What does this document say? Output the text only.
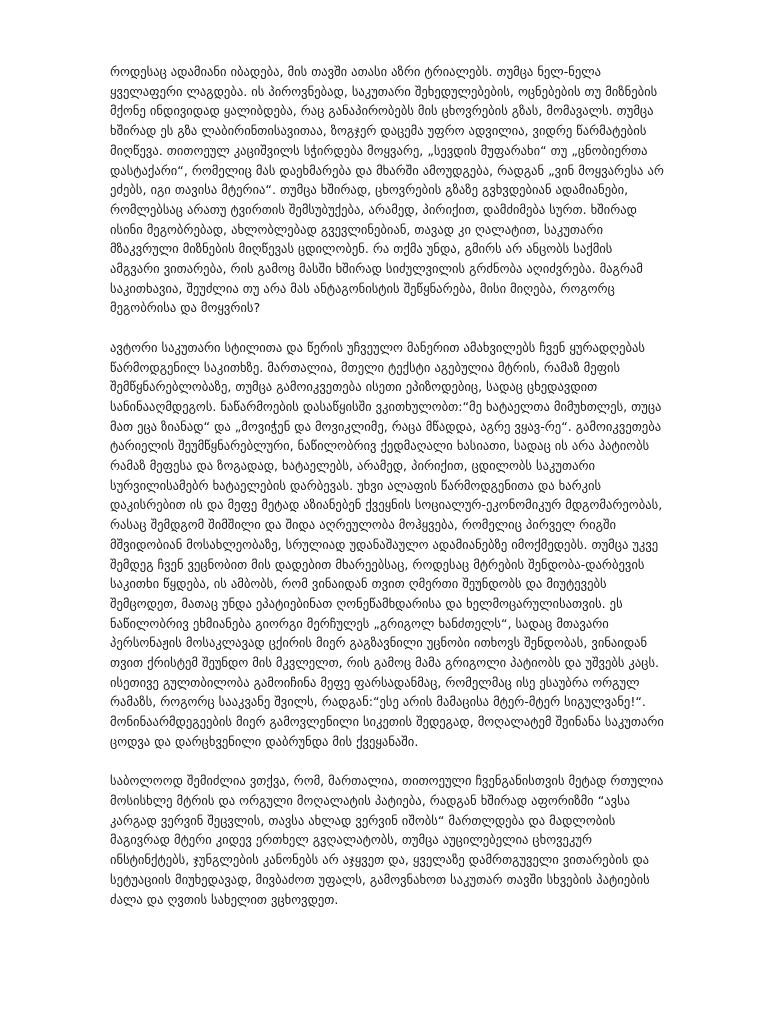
როდესაც ადამიანი იბადება, მის თავში ათასი აზრი ტრიალებს. თუმცა ნელ-ნელა ყველაფერი ლაგდება. ის პიროვნებად, საკუთარი შეხედულებების, ოცნებების თუ მიზნების მქონე ინდივიდად ყალიბდება, რაც განაპირობებს მის ცხოვრების გზას, მომავალს. თუმცა ხშირად ეს გზა ლაბირინთისავითაა, ზოგჯერ დაცემა უფრო ადვილია, ვიდრე წარმატების მიღწევა. თითოეულ კაციშვილს სჭირდება მოყვარე, „სევდის მუფარახი“ თუ „ცნობიერთა დასტაქარი“, რომელიც მას დაეხმარება და მხარში ამოუდგება, რადგან „ვინ მოყვარესა არ ეძებს, იგი თავისა მტერია“. თუმცა ხშირად, ცხოვრების გზაზე გვხვდებიან ადამიანები, რომლებსაც არათუ ტვირთის შემსუბუქება, არამედ, პირიქით, დამძიმება სურთ. ხშირად ისინი მეგობრებად, ახლობლებად გვევლინებიან, თავად კი ღალატით, საკუთარი მზაკვრული მიზნების მიღწევას ცდილობენ. რა თქმა უნდა, გმირს არ ანცობს საქმის ამგვარი ვითარება, რის გამოც მასში ხშირად სიძულვილის გრძნობა აღიძვრება. მაგრამ საკითხავია, შეუძლია თუ არა მას ანტაგონისტის შეწყნარება, მისი მიღება, როგორც მეგობრისა და მოყვრის?

ავტორი საკუთარი სტილითა და წერის უჩვეულო მანერით ამახვილებს ჩვენ ყურადღებას წარმოდგენილ საკითხზე. მართალია, მთელი ტექსტი აგებულია მტრის, რამაზ მეფის შემწყნარებლობაზე, თუმცა გამოიკვეთება ისეთი ეპიზოდებიც, სადაც ცხედავდით სანინააღმდეგოს. ნაწარმოების დასაწყისში ვკითხულობთ:“მე ხატაელთა მიმუხთლეს, თუცა მათ ეცა ზიანად“ და „მოვიჭენ და მოვიკლიმე, რაცა მწადდა, აგრე ვყავ-რე“. გამოიკვეთება ტარიელის შეუმწყნარებლური, ნაწილობრივ ქედმაღალი ხასიათი, სადაც ის არა პატიობს რამაზ მეფესა და ზოგადად, ხატაელებს, არამედ, პირიქით, ცდილობს საკუთარი სურვილისამებრ ხატაელების დარბევას. უხვი ალაფის წარმოდგენითა და ხარკის დაკისრებით ის და მეფე მეტად აზიანებენ ქვეყნის სოციალურ-ეკონომიკურ მდგომარეობას, რასაც შემდგომ შიმშილი და შიდა აღრეულობა მოჰყვება, რომელიც პირველ რიგში მშვიდობიან მოსახლეობაზე, სრულიად უდანაშაულო ადამიანებზე იმოქმედებს. თუმცა უკვე შემდეგ ჩვენ ვეცნობით მის დადებით მხარეებსაც, როდესაც მტრების შენდობა-დარბევის საკითხი წყდება, ის ამბობს, რომ ვინაიდან თვით ღმერთი შეუნდობს და მიუტევებს შემცოდეთ, მათაც უნდა ეპატიებინათ ღონეწამხდარისა და ხელმოცარულისათვის. ეს ნაწილობრივ ეხმიანება გიორგი მერჩულეს „გრიგოლ ხანძთელს“, სადაც მთავარი პერსონაჟის მოსაკლავად ცქირის მიერ გაგზავნილი უცნობი ითხოვს შენდობას, ვინაიდან თვით ქრისტემ შეუნდო მის მკვლელთ, რის გამოც მამა გრიგოლი პატიობს და უშვებს კაცს. ისეთივე გულთბილობა გამოიჩინა მეფე ფარსადანმაც, რომელმაც ისე ესაუბრა ორგულ რამაზს, როგორც სააკვანე შვილს, რადგან:“ესე არის მამაცისა მტერ-მტერ სიგულვანე!“. მონინაარმდეგეების მიერ გამოვლენილი სიკეთის შედეგად, მოღალატემ შეინანა საკუთარი ცოდვა და დარცხვენილი დაბრუნდა მის ქვეყანაში.

საბოლოოდ შემიძლია ვთქვა, რომ, მართალია, თითოეული ჩვენგანისთვის მეტად რთულია მოსისხლე მტრის და ორგული მოღალატის პატიება, რადგან ხშირად აფორიზმი “ავსა კარგად ვერვინ შეცვლის, თავსა ახლად ვერვინ იშობს“ მართლდება და მადლობის მაგივრად მტერი კიდევ ერთხელ გვღალატობს, თუმცა აუცილებელია ცხოვეკურ ინსტინქტებს, ჯუნგლების კანონებს არ აჯყვეთ და, ყველაზე დამრთგუველი ვითარების და სეტუაციის მიუხედავად, მივბაძოთ უფალს, გამოვნახოთ საკუთარ თავში სხვების პატიების ძალა და ღვთის სახელით ვცხოვდეთ.
